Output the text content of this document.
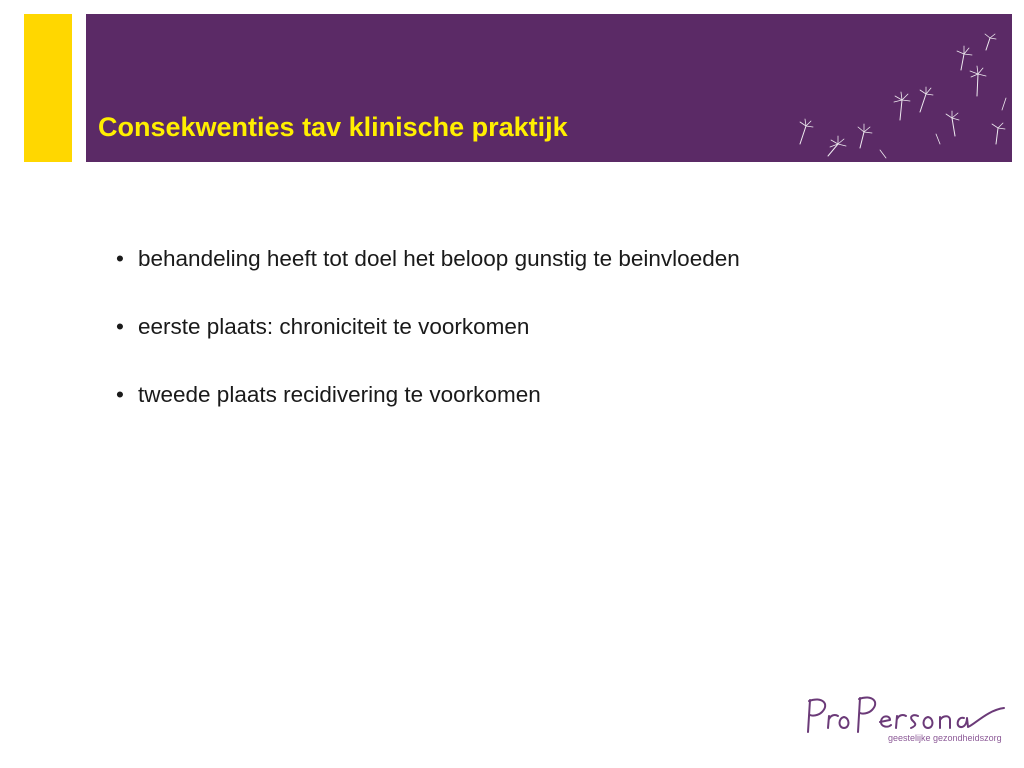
Consekwenties tav klinische praktijk
• behandeling heeft tot doel het beloop gunstig te beinvloeden
• eerste plaats: chroniciteit te voorkomen
• tweede plaats recidivering te voorkomen
geestelijke gezondheidszorg
